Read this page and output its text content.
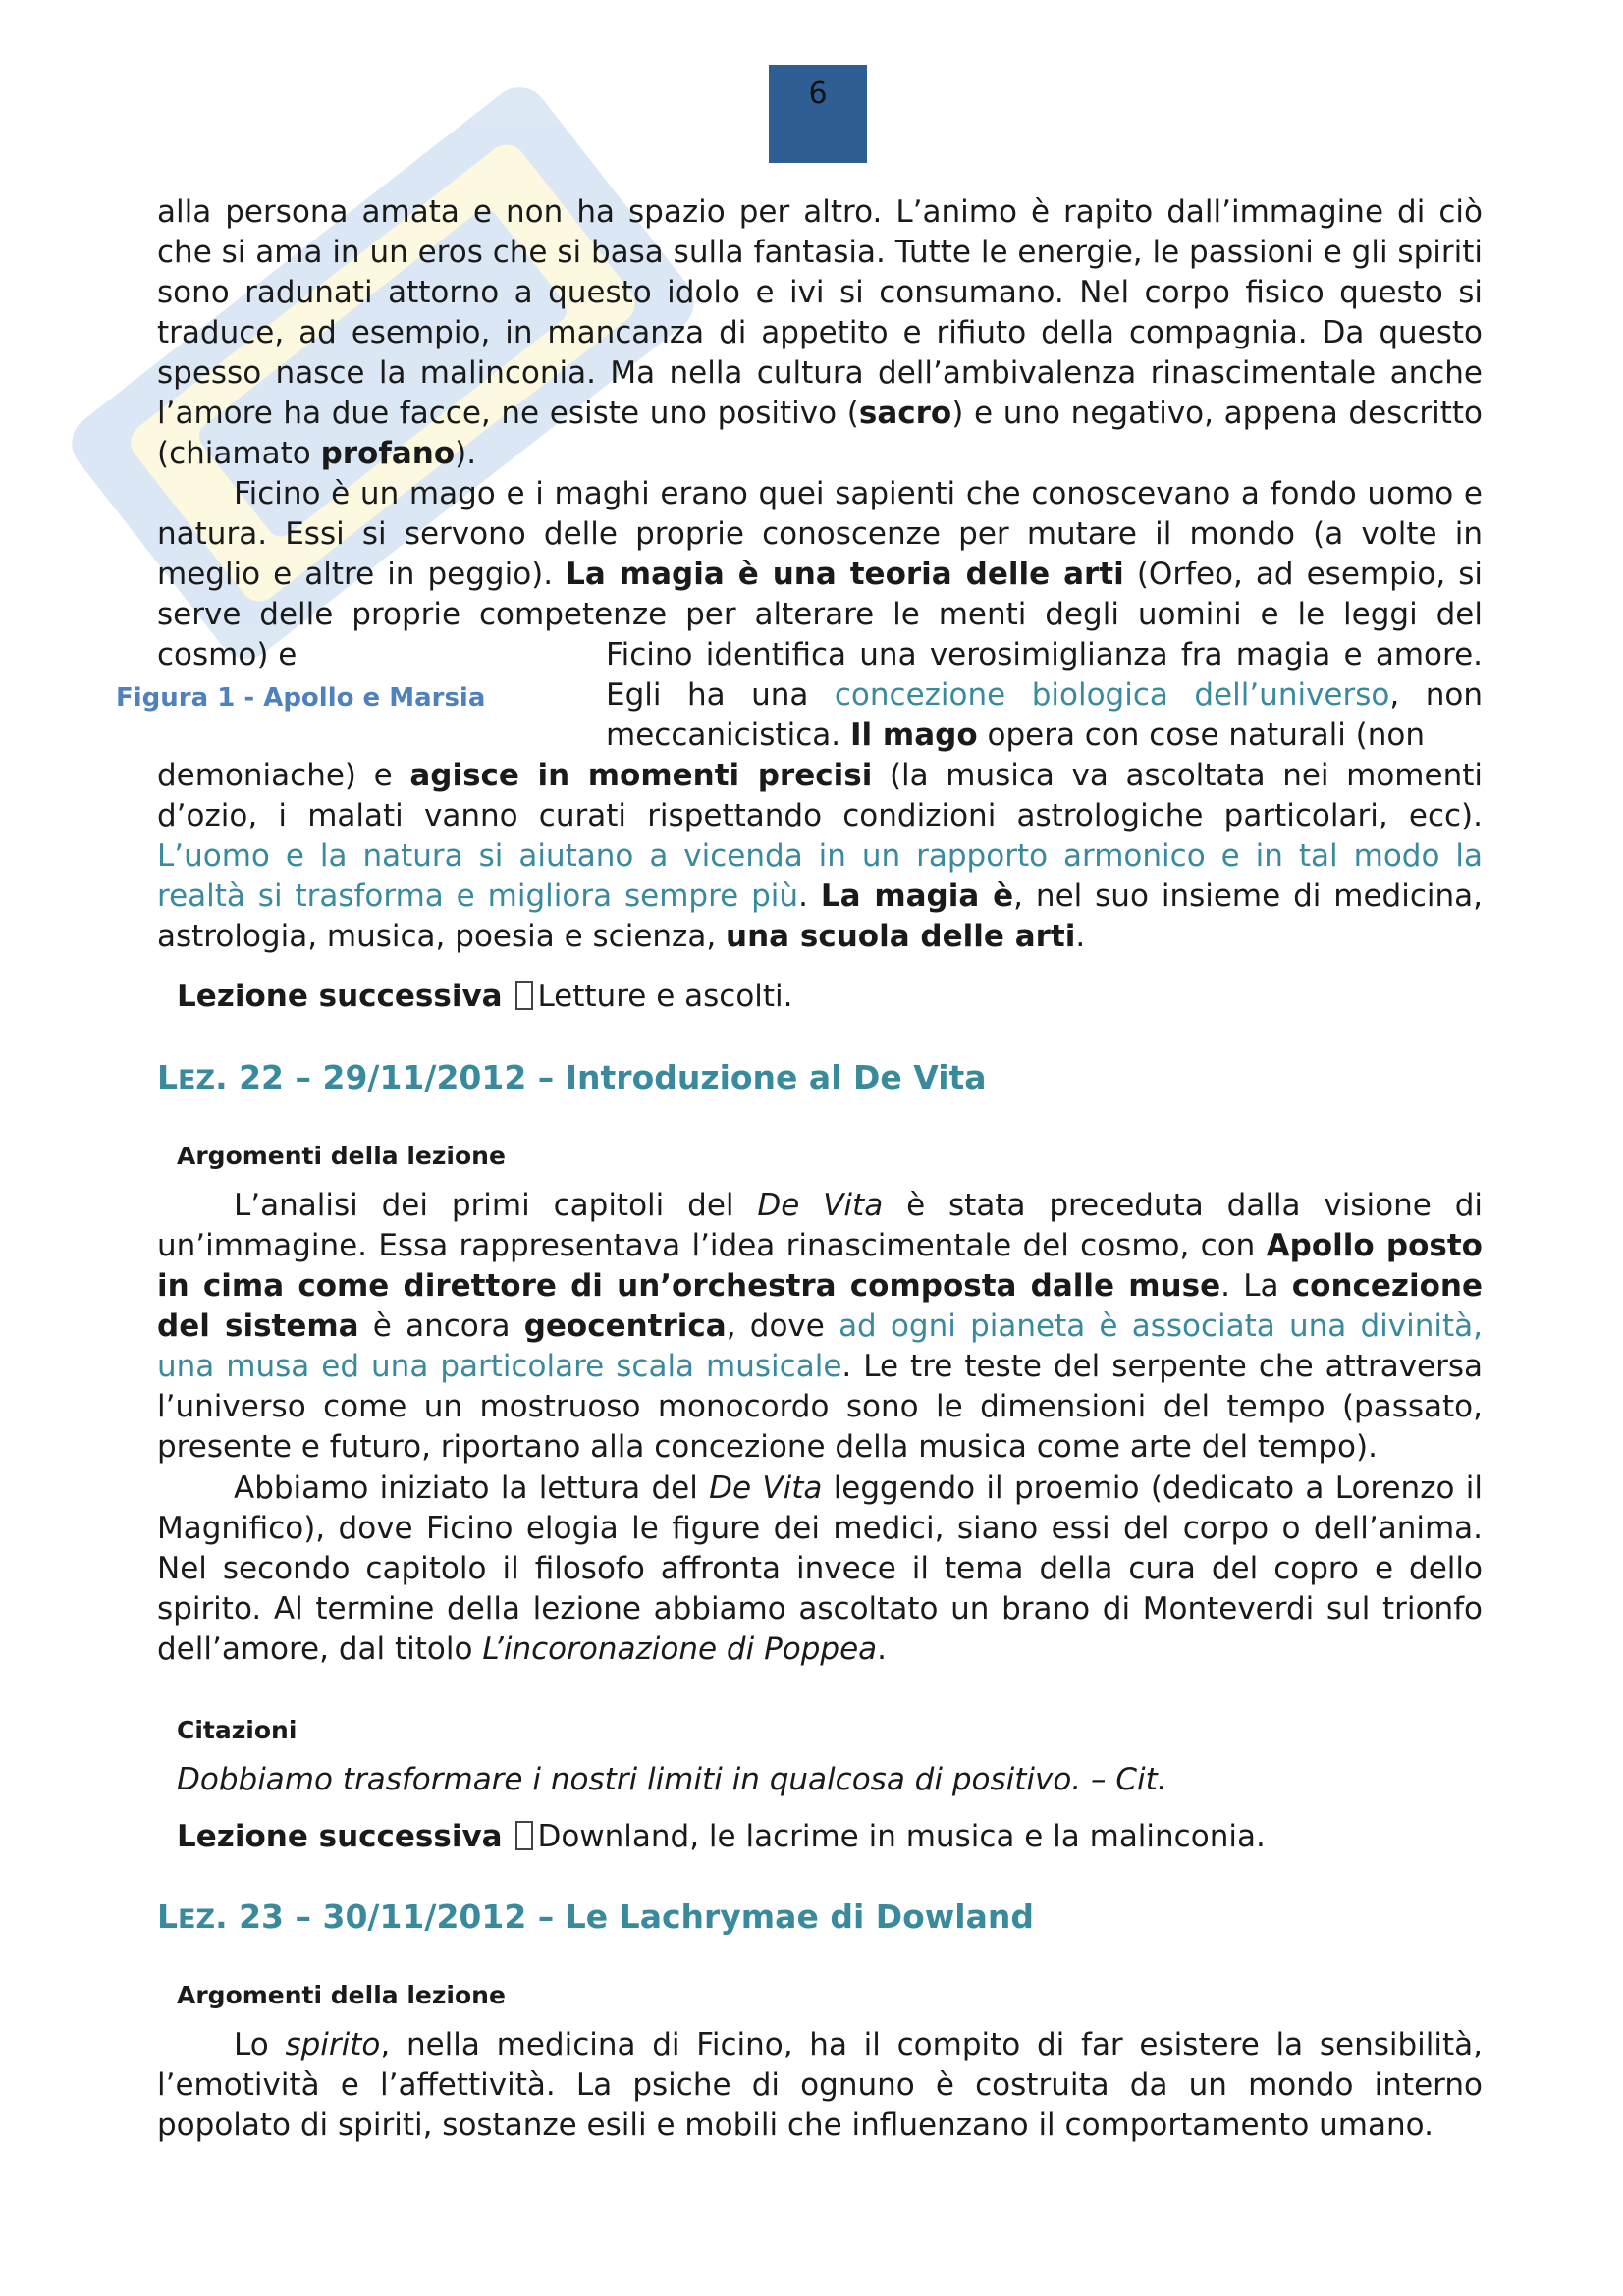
6

alla persona amata e non ha spazio per altro. L’animo è rapito dall’immagine di ciò che si ama in un eros che si basa sulla fantasia. Tutte le energie, le passioni e gli spiriti sono radunati attorno a questo idolo e ivi si consumano. Nel corpo fisico questo si traduce, ad esempio, in mancanza di appetito e rifiuto della compagnia. Da questo spesso nasce la malinconia. Ma nella cultura dell’ambivalenza rinascimentale anche l’amore ha due facce, ne esiste uno positivo (sacro) e uno negativo, appena descritto (chiamato profano).

Ficino è un mago e i maghi erano quei sapienti che conoscevano a fondo uomo e natura. Essi si servono delle proprie conoscenze per mutare il mondo (a volte in meglio e altre in peggio). La magia è una teoria delle arti (Orfeo, ad esempio, si serve delle proprie competenze per alterare le menti degli uomini e le leggi del cosmo) e

Figura 1 - Apollo e Marsia

Ficino identifica una verosimiglianza fra magia e amore. Egli ha una concezione biologica dell’universo, non meccanicistica. Il mago opera con cose naturali (non

demoniache) e agisce in momenti precisi (la musica va ascoltata nei momenti d’ozio, i malati vanno curati rispettando condizioni astrologiche particolari, ecc). L’uomo e la natura si aiutano a vicenda in un rapporto armonico e in tal modo la realtà si trasforma e migliora sempre più. La magia è, nel suo insieme di medicina, astrologia, musica, poesia e scienza, una scuola delle arti.

Lezione successiva Letture e ascolti.

LEZ. 22 – 29/11/2012 – Introduzione al De Vita
Argomenti della lezione

L’analisi dei primi capitoli del De Vita è stata preceduta dalla visione di un’immagine. Essa rappresentava l’idea rinascimentale del cosmo, con Apollo posto in cima come direttore di un’orchestra composta dalle muse. La concezione del sistema è ancora geocentrica, dove ad ogni pianeta è associata una divinità, una musa ed una particolare scala musicale. Le tre teste del serpente che attraversa l’universo come un mostruoso monocordo sono le dimensioni del tempo (passato, presente e futuro, riportano alla concezione della musica come arte del tempo).

Abbiamo iniziato la lettura del De Vita leggendo il proemio (dedicato a Lorenzo il Magnifico), dove Ficino elogia le figure dei medici, siano essi del corpo o dell’anima. Nel secondo capitolo il filosofo affronta invece il tema della cura del copro e dello spirito. Al termine della lezione abbiamo ascoltato un brano di Monteverdi sul trionfo dell’amore, dal titolo L’incoronazione di Poppea.

Citazioni

Dobbiamo trasformare i nostri limiti in qualcosa di positivo. – Cit.

Lezione successiva Downland, le lacrime in musica e la malinconia.

LEZ. 23 – 30/11/2012 – Le Lachrymae di Dowland
Argomenti della lezione

Lo spirito, nella medicina di Ficino, ha il compito di far esistere la sensibilità, l’emotività e l’affettività. La psiche di ognuno è costruita da un mondo interno popolato di spiriti, sostanze esili e mobili che influenzano il comportamento umano.
